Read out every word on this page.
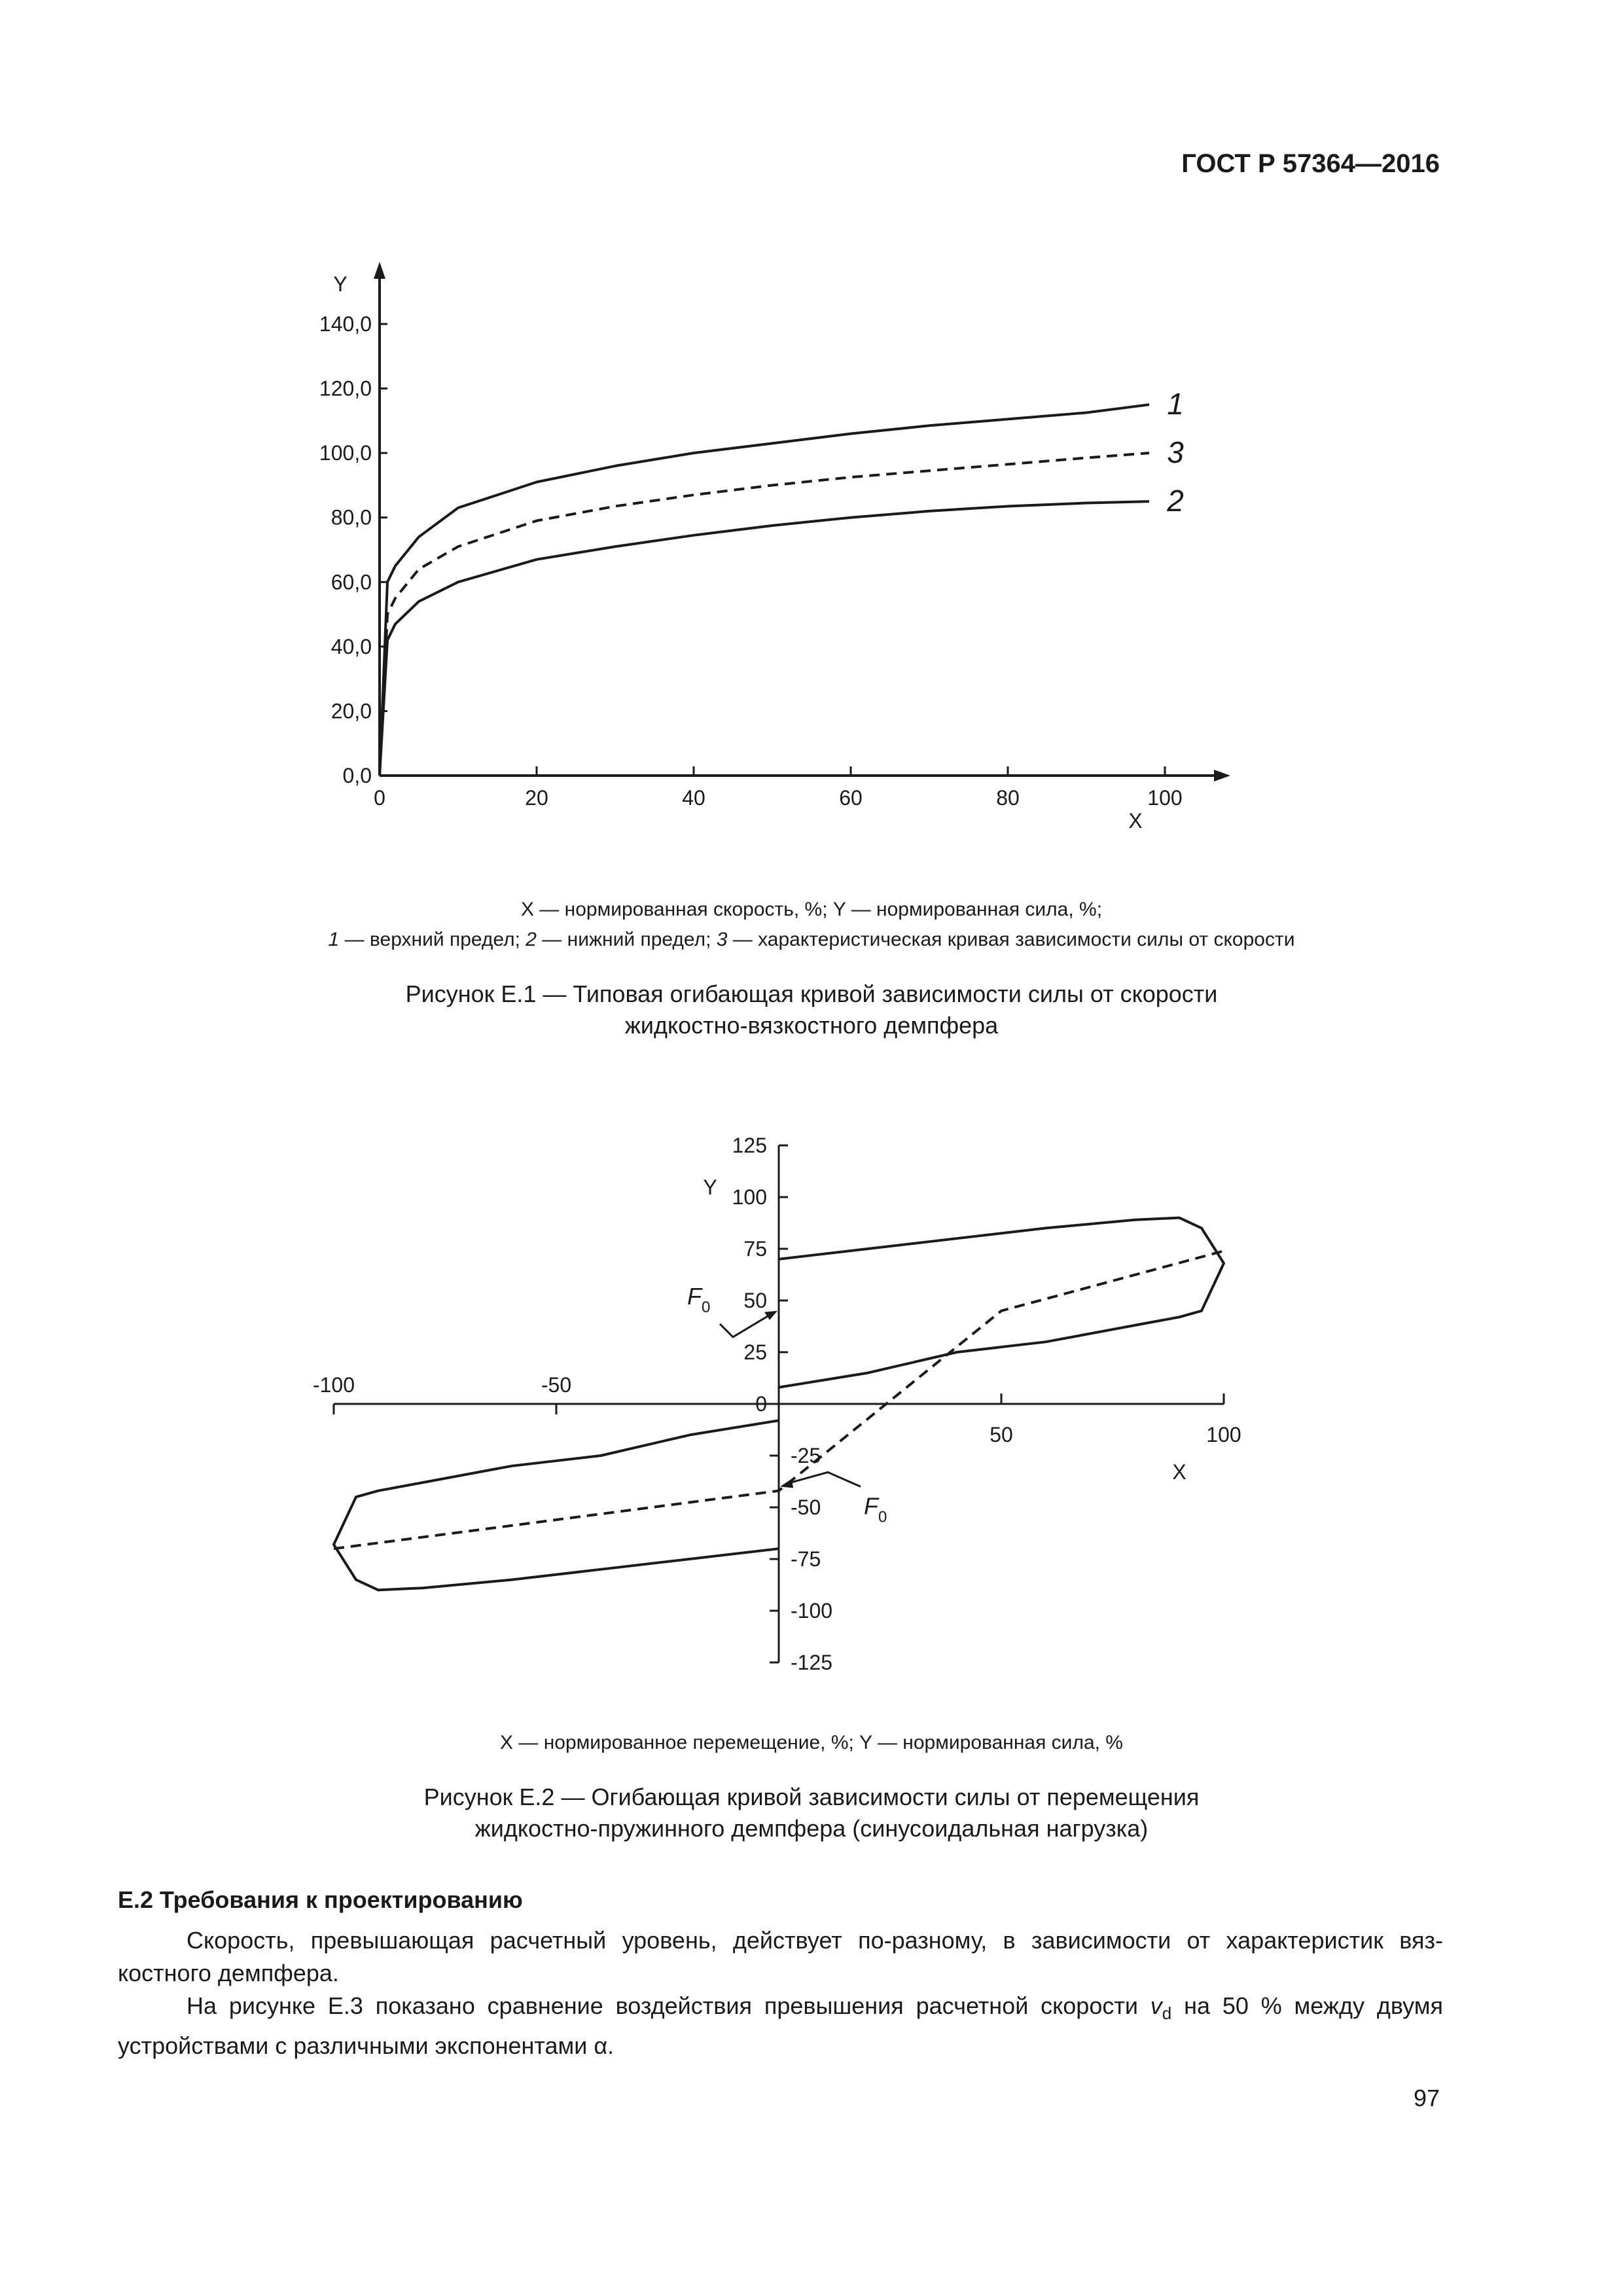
ГОСТ Р 57364—2016
Y
X
0	20	40	60	80	100
0,0
20,0
40,0
60,0
80,0
100,0
120,0
140,0
1
3
2
X — нормированная скорость, %; Y — нормированная сила, %;
1 — верхний предел; 2 — нижний предел; 3 — характеристическая кривая зависимости силы от скорости
Рисунок Е.1 — Типовая огибающая кривой зависимости силы от скорости
жидкостно-вязкостного демпфера
Y
X
-100	-50
50	100
125
100
75
50
25
0
-25
-50
-75
-100
-125
F 0
F 0
X — нормированное перемещение, %; Y — нормированная сила, %
Рисунок Е.2 — Огибающая кривой зависимости силы от перемещения
жидкостно-пружинного демпфера (синусоидальная нагрузка)
Е.2 Требования к проектированию
Скорость, превышающая расчетный уровень, действует по-разному, в зависимости от характеристик вяз-
костного демпфера.
На рисунке Е.3 показано сравнение воздействия превышения расчетной скорости $v_d$ на 50 % между двумя
устройствами с различными экспонентами α.
97
